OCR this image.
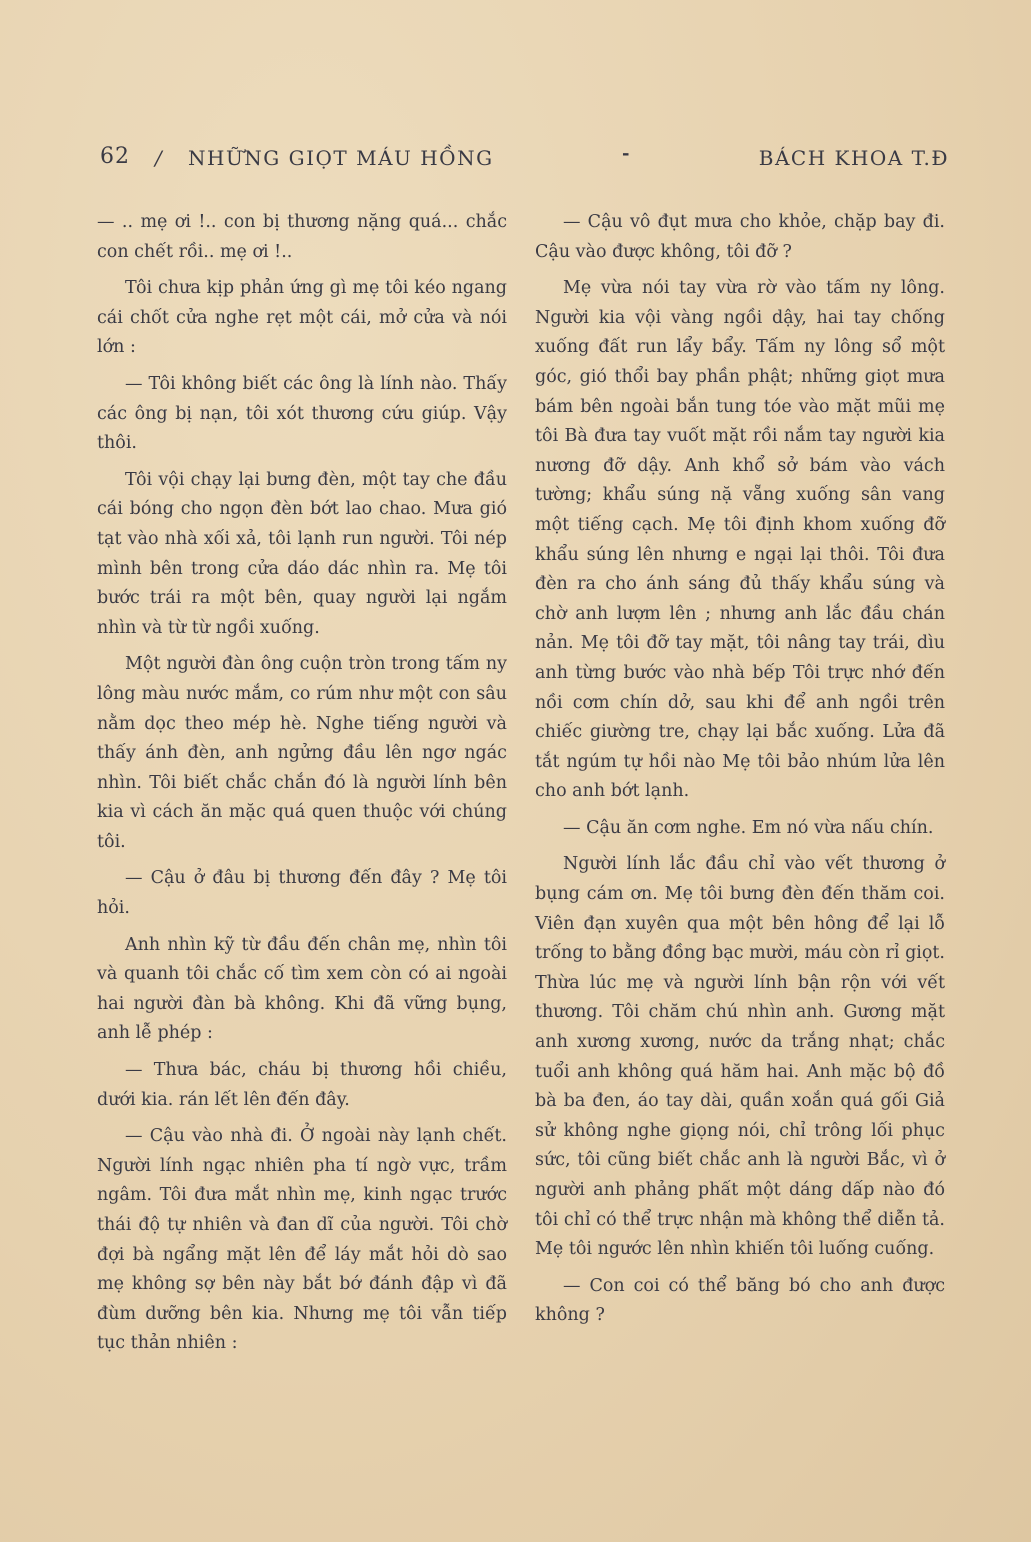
62 / NHỮNG GIỌT MÁU HỒNG	-	BÁCH KHOA T.Đ

— .. mẹ ơi !.. con bị thương nặng quá... chắc con chết rồi.. mẹ ơi !..

Tôi chưa kịp phản ứng gì mẹ tôi kéo ngang cái chốt cửa nghe rẹt một cái, mở cửa và nói lớn :

— Tôi không biết các ông là lính nào. Thấy các ông bị nạn, tôi xót thương cứu giúp. Vậy thôi.

Tôi vội chạy lại bưng đèn, một tay che đầu cái bóng cho ngọn đèn bớt lao chao. Mưa gió tạt vào nhà xối xả, tôi lạnh run người. Tôi nép mình bên trong cửa dáo dác nhìn ra. Mẹ tôi bước trái ra một bên, quay người lại ngắm nhìn và từ từ ngồi xuống.

Một người đàn ông cuộn tròn trong tấm ny lông màu nước mắm, co rúm như một con sâu nằm dọc theo mép hè. Nghe tiếng người và thấy ánh đèn, anh ngửng đầu lên ngơ ngác nhìn. Tôi biết chắc chắn đó là người lính bên kia vì cách ăn mặc quá quen thuộc với chúng tôi.

— Cậu ở đâu bị thương đến đây ? Mẹ tôi hỏi.

Anh nhìn kỹ từ đầu đến chân mẹ, nhìn tôi và quanh tôi chắc cố tìm xem còn có ai ngoài hai người đàn bà không. Khi đã vững bụng, anh lễ phép :

— Thưa bác, cháu bị thương hồi chiều, dưới kia. rán lết lên đến đây.

— Cậu vào nhà đi. Ở ngoài này lạnh chết. Người lính ngạc nhiên pha tí ngờ vực, trầm ngâm. Tôi đưa mắt nhìn mẹ, kinh ngạc trước thái độ tự nhiên và đan dĩ của người. Tôi chờ đợi bà ngẩng mặt lên để láy mắt hỏi dò sao mẹ không sợ bên này bắt bớ đánh đập vì đã đùm dưỡng bên kia. Nhưng mẹ tôi vẫn tiếp tục thản nhiên :

— Cậu vô đụt mưa cho khỏe, chặp bay đi. Cậu vào được không, tôi đỡ ?

Mẹ vừa nói tay vừa rờ vào tấm ny lông. Người kia vội vàng ngồi dậy, hai tay chống xuống đất run lẩy bẩy. Tấm ny lông sổ một góc, gió thổi bay phần phật; những giọt mưa bám bên ngoài bắn tung tóe vào mặt mũi mẹ tôi Bà đưa tay vuốt mặt rồi nắm tay người kia nương đỡ dậy. Anh khổ sở bám vào vách tường; khẩu súng nặ vẵng xuống sân vang một tiếng cạch. Mẹ tôi định khom xuống đỡ khẩu súng lên nhưng e ngại lại thôi. Tôi đưa đèn ra cho ánh sáng đủ thấy khẩu súng và chờ anh lượm lên ; nhưng anh lắc đầu chán nản. Mẹ tôi đỡ tay mặt, tôi nâng tay trái, dìu anh từng bước vào nhà bếp Tôi trực nhớ đến nồi cơm chín dở, sau khi để anh ngồi trên chiếc giường tre, chạy lại bắc xuống. Lửa đã tắt ngúm tự hồi nào Mẹ tôi bảo nhúm lửa lên cho anh bớt lạnh.

— Cậu ăn cơm nghe. Em nó vừa nấu chín.

Người lính lắc đầu chỉ vào vết thương ở bụng cám ơn. Mẹ tôi bưng đèn đến thăm coi. Viên đạn xuyên qua một bên hông để lại lỗ trống to bằng đồng bạc mười, máu còn rỉ giọt. Thừa lúc mẹ và người lính bận rộn với vết thương. Tôi chăm chú nhìn anh. Gương mặt anh xương xương, nước da trắng nhạt; chắc tuổi anh không quá hăm hai. Anh mặc bộ đồ bà ba đen, áo tay dài, quần xoắn quá gối Giả sử không nghe giọng nói, chỉ trông lối phục sức, tôi cũng biết chắc anh là người Bắc, vì ở người anh phảng phất một dáng dấp nào đó tôi chỉ có thể trực nhận mà không thể diễn tả. Mẹ tôi ngước lên nhìn khiến tôi luống cuống.

— Con coi có thể băng bó cho anh được không ?
